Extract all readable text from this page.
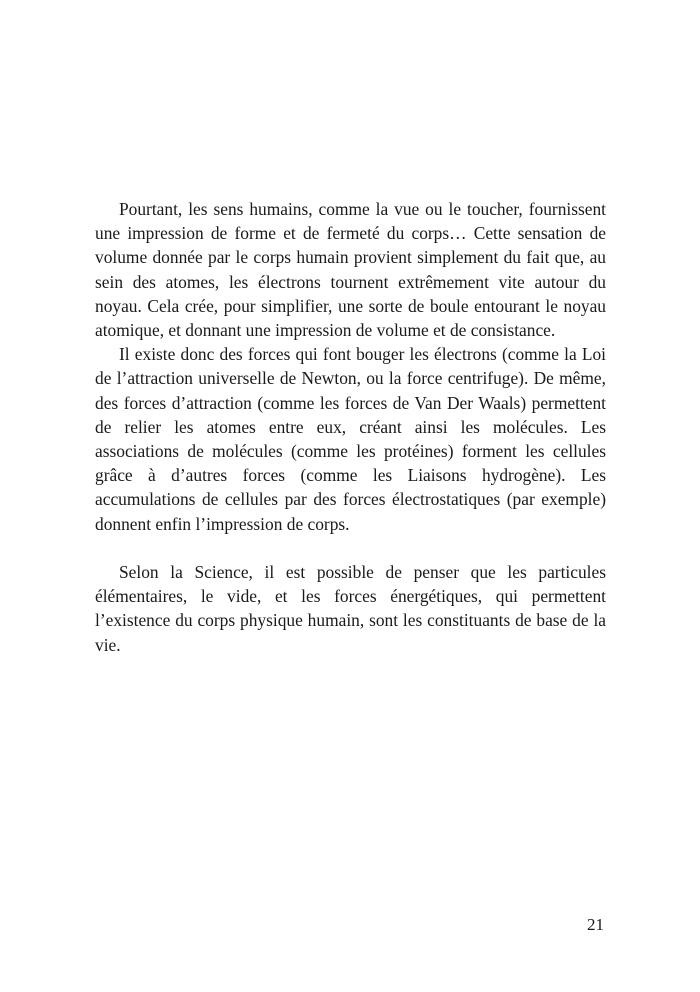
Pourtant, les sens humains, comme la vue ou le toucher, fournissent une impression de forme et de fermeté du corps… Cette sensation de volume donnée par le corps humain provient simplement du fait que, au sein des atomes, les électrons tournent extrêmement vite autour du noyau. Cela crée, pour simplifier, une sorte de boule entourant le noyau atomique, et donnant une impression de volume et de consistance.

Il existe donc des forces qui font bouger les électrons (comme la Loi de l’attraction universelle de Newton, ou la force centrifuge). De même, des forces d’attraction (comme les forces de Van Der Waals) permettent de relier les atomes entre eux, créant ainsi les molécules. Les associations de molécules (comme les protéines) forment les cellules grâce à d’autres forces (comme les Liaisons hydrogène). Les accumulations de cellules par des forces électrostatiques (par exemple) donnent enfin l’impression de corps.

Selon la Science, il est possible de penser que les particules élémentaires, le vide, et les forces énergétiques, qui permettent l’existence du corps physique humain, sont les constituants de base de la vie.

21
